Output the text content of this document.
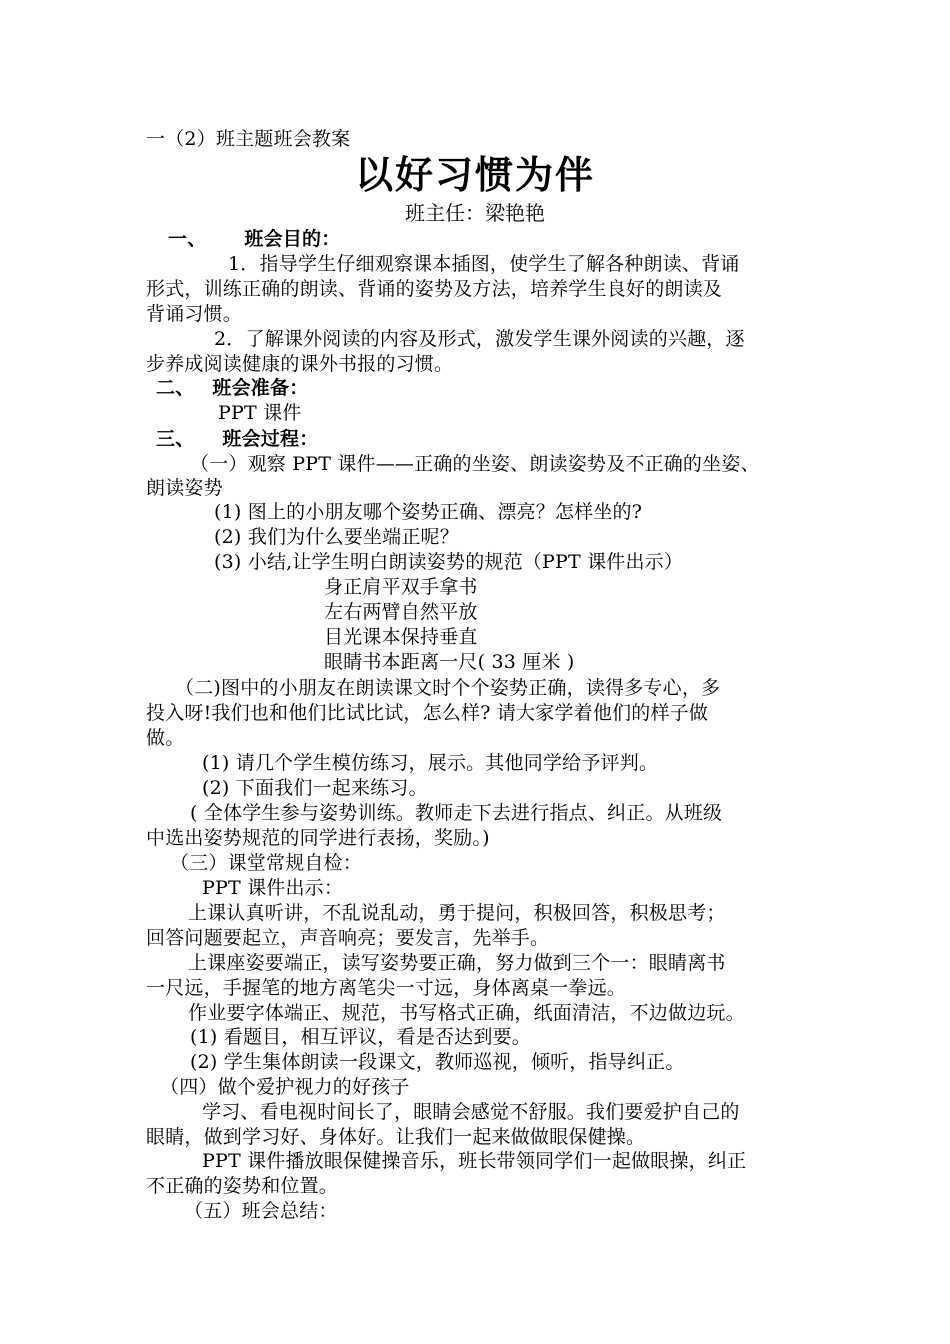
一（2）班主题班会教案
以好习惯为伴
班主任：梁艳艳
一、 班会目的：
1．指导学生仔细观察课本插图，使学生了解各种朗读、背诵
形式，训练正确的朗读、背诵的姿势及方法，培养学生良好的朗读及
背诵习惯。
2．了解课外阅读的内容及形式，激发学生课外阅读的兴趣，逐
步养成阅读健康的课外书报的习惯。
二、 班会准备：
PPT 课件
三、 班会过程：
（一）观察 PPT 课件——正确的坐姿、朗读姿势及不正确的坐姿、
朗读姿势
(1) 图上的小朋友哪个姿势正确、漂亮？怎样坐的?
(2) 我们为什么要坐端正呢？
(3) 小结,让学生明白朗读姿势的规范（PPT 课件出示）
身正肩平双手拿书
左右两臂自然平放
目光课本保持垂直
眼睛书本距离一尺( 33 厘米 )
（二)图中的小朋友在朗读课文时个个姿势正确，读得多专心，多
投入呀!我们也和他们比试比试，怎么样? 请大家学着他们的样子做
做。
(1) 请几个学生模仿练习，展示。其他同学给予评判。
(2) 下面我们一起来练习。
( 全体学生参与姿势训练。教师走下去进行指点、纠正。从班级
中选出姿势规范的同学进行表扬，奖励。)
（三）课堂常规自检：
PPT 课件出示：
上课认真听讲，不乱说乱动，勇于提问，积极回答，积极思考；
回答问题要起立，声音响亮；要发言，先举手。
上课座姿要端正，读写姿势要正确，努力做到三个一：眼睛离书
一尺远，手握笔的地方离笔尖一寸远，身体离桌一拳远。
作业要字体端正、规范，书写格式正确，纸面清洁，不边做边玩。
(1) 看题目，相互评议，看是否达到要。
(2) 学生集体朗读一段课文，教师巡视，倾听，指导纠正。
（四）做个爱护视力的好孩子
学习、看电视时间长了，眼睛会感觉不舒服。我们要爱护自己的
眼睛，做到学习好、身体好。让我们一起来做做眼保健操。
PPT 课件播放眼保健操音乐，班长带领同学们一起做眼操，纠正
不正确的姿势和位置。
（五）班会总结：
